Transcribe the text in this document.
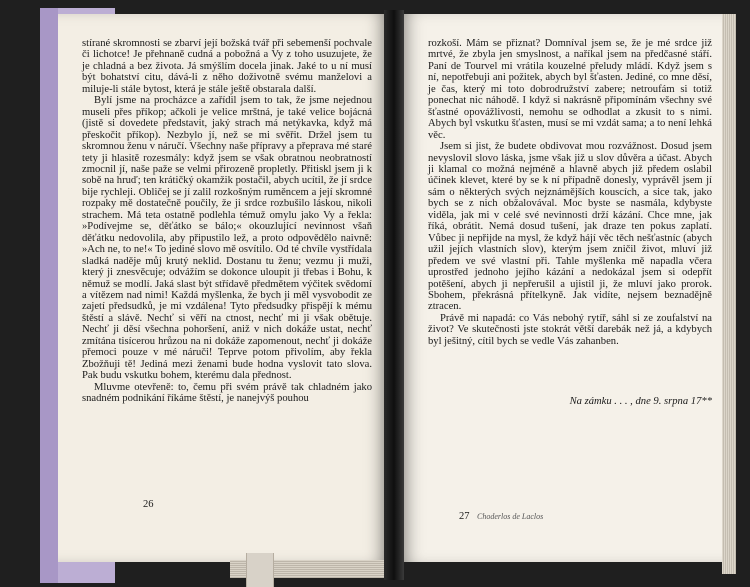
stírané skromnosti se zbarví její božská tvář při sebemenší pochvale či lichotce! Je přehnaně cudná a pobožná a Vy z toho usuzujete, že je chladná a bez života. Já smýšlím docela jinak. Jaké to u ní musí být bohatství citu, dává-li z něho doživotně svému manželovi a miluje-li stále bytost, která je stále ještě obstarala další.

Bylí jsme na procházce a zařídil jsem to tak, že jsme nejednou museli přes příkop; ačkoli je velice mrštná, je také velice bojácná (jistě si dovedete představit, jaký strach má netýkavka, když má přeskočit příkop). Nezbylo jí, než se mi svěřit. Držel jsem tu skromnou ženu v náručí. Všechny naše přípravy a přeprava mé staré tety ji hlasitě rozesmály: když jsem se však obratnou neobratností zmocnil jí, naše paže se velmi přirozeně propletly. Přitiskl jsem ji k sobě na hruď; ten krátičký okamžik postačil, abych ucítil, že jí srdce bije rychleji. Obličej se jí zalil rozkošným ruměncem a její skromné rozpaky mě dostatečně poučily, že ji srdce rozbušilo láskou, nikoli strachem. Má teta ostatně podlehla témuž omylu jako Vy a řekla: »Podívejme se, děťátko se bálo;« okouzlující nevinnost všaň děťátku nedovolila, aby připustilo lež, a proto odpovědělo naivně: »Ach ne, to ne!« To jediné slovo mě osvítilo. Od té chvíle vystřídala sladká naděje můj krutý neklid. Dostanu tu ženu; vezmu ji muži, který ji znesvěcuje; odvážím se dokonce uloupit ji třebas i Bohu, k němuž se modlí. Jaká slast být střídavě předmětem výčitek svědomí a vítězem nad nimi! Každá myšlenka, že bych ji měl vysvobodit ze zajetí předsudků, je mi vzdálena! Tyto předsudky přispějí k mému štěstí a slávě. Nechť si věří na ctnost, nechť mi ji však obětuje. Nechť ji děsí všechna pohoršení, aniž v nich dokáže ustat, nechť zmítána tisícerou hrůzou na ni dokáže zapomenout, nechť ji dokáže přemoci pouze v mé náruči! Teprve potom přivolím, aby řekla Zbožňuji tě! Jediná mezi ženami bude hodna vyslovit tato slova. Pak budu vskutku bohem, kterému dala přednost.

Mluvme otevřeně: to, čemu při svém právě tak chladném jako snadném podnikání říkáme štěstí, je nanejvýš pouhou

26

rozkoší. Mám se přiznat? Domníval jsem se, že je mé srdce již mrtvé, že zbyla jen smyslnost, a naříkal jsem na předčasné stáří. Paní de Tourvel mi vrátila kouzelné přeludy mládí. Když jsem s ní, nepotřebuji ani požitek, abych byl šťasten. Jediné, co mne děsí, je čas, který mi toto dobrodružství zabere; netroufám si totiž ponechat nic náhodě. I když si nakrásně připomínám všechny své šťastné opovážlivosti, nemohu se odhodlat a zkusit to s nimi. Abych byl vskutku šťasten, musí se mi vzdát sama; a to není lehká věc.

Jsem si jist, že budete obdivovat mou rozvážnost. Dosud jsem nevyslovil slovo láska, jsme však již u slov důvěra a účast. Abych ji klamal co možná nejméně a hlavně abych již předem oslabil účinek klevet, které by se k ní případně donesly, vyprávěl jsem jí sám o některých svých nejznámějších kouscích, a sice tak, jako bych se z nich obžalovával. Moc byste se nasmála, kdybyste viděla, jak mi v celé své nevinnosti drží kázání. Chce mne, jak říká, obrátit. Nemá dosud tušení, jak draze ten pokus zaplatí. Vůbec ji nepřijde na mysl, že když hájí věc těch nešťastníc (abych užil jejích vlastních slov), kterým jsem zničil život, mluví již předem ve své vlastní při. Tahle myšlenka mě napadla včera uprostřed jednoho jejího kázání a nedokázal jsem si odepřít potěšení, abych ji nepřerušil a ujistil ji, že mluví jako prorok. Sbohem, překrásná přítelkyně. Jak vidíte, nejsem beznadějně ztracen.

Právě mi napadá: co Vás nebohý rytíř, sáhl si ze zoufalství na život? Ve skutečnosti jste stokrát větší darebák než já, a kdybych byl ješitný, cítil bych se vedle Vás zahanben.

Na zámku . . . , dne 9. srpna 17**
27 Choderlos de Laclos
